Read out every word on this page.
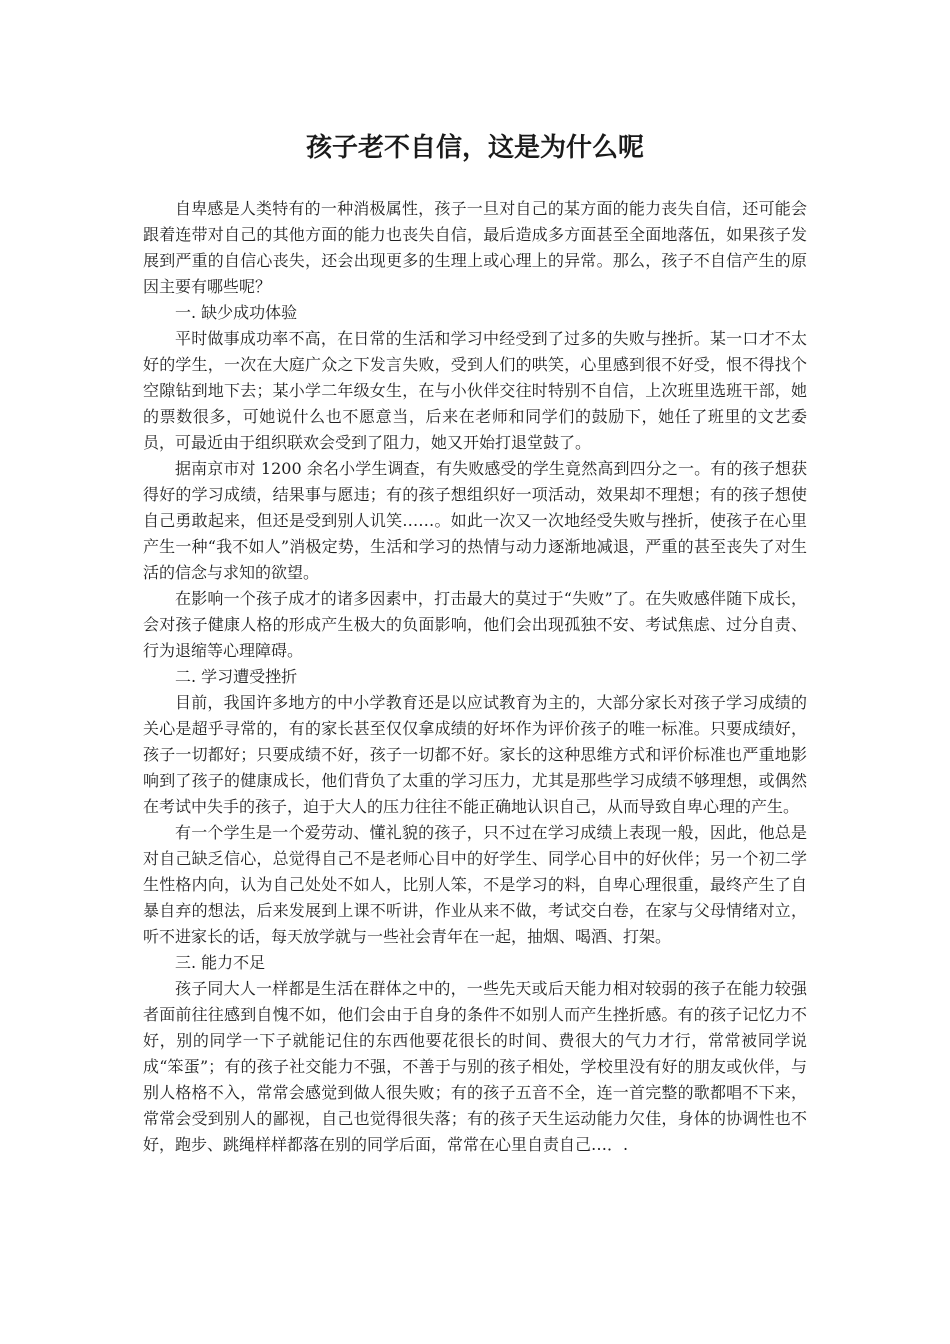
孩子老不自信，这是为什么呢

自卑感是人类特有的一种消极属性，孩子一旦对自己的某方面的能力丧失自信，还可能会跟着连带对自己的其他方面的能力也丧失自信，最后造成多方面甚至全面地落伍，如果孩子发展到严重的自信心丧失，还会出现更多的生理上或心理上的异常。那么，孩子不自信产生的原因主要有哪些呢？

一. 缺少成功体验

平时做事成功率不高，在日常的生活和学习中经受到了过多的失败与挫折。某一口才不太好的学生，一次在大庭广众之下发言失败，受到人们的哄笑，心里感到很不好受，恨不得找个空隙钻到地下去；某小学二年级女生，在与小伙伴交往时特别不自信，上次班里选班干部，她的票数很多，可她说什么也不愿意当，后来在老师和同学们的鼓励下，她任了班里的文艺委员，可最近由于组织联欢会受到了阻力，她又开始打退堂鼓了。

据南京市对 1200 余名小学生调查，有失败感受的学生竟然高到四分之一。有的孩子想获得好的学习成绩，结果事与愿违；有的孩子想组织好一项活动，效果却不理想；有的孩子想使自己勇敢起来，但还是受到别人讥笑……。如此一次又一次地经受失败与挫折，使孩子在心里产生一种“我不如人”消极定势，生活和学习的热情与动力逐渐地减退，严重的甚至丧失了对生活的信念与求知的欲望。

在影响一个孩子成才的诸多因素中，打击最大的莫过于“失败”了。在失败感伴随下成长，会对孩子健康人格的形成产生极大的负面影响，他们会出现孤独不安、考试焦虑、过分自责、行为退缩等心理障碍。

二. 学习遭受挫折

目前，我国许多地方的中小学教育还是以应试教育为主的，大部分家长对孩子学习成绩的关心是超乎寻常的，有的家长甚至仅仅拿成绩的好坏作为评价孩子的唯一标准。只要成绩好，孩子一切都好；只要成绩不好，孩子一切都不好。家长的这种思维方式和评价标准也严重地影响到了孩子的健康成长，他们背负了太重的学习压力，尤其是那些学习成绩不够理想，或偶然在考试中失手的孩子，迫于大人的压力往往不能正确地认识自己，从而导致自卑心理的产生。

有一个学生是一个爱劳动、懂礼貌的孩子，只不过在学习成绩上表现一般，因此，他总是对自己缺乏信心，总觉得自己不是老师心目中的好学生、同学心目中的好伙伴；另一个初二学生性格内向，认为自己处处不如人，比别人笨，不是学习的料，自卑心理很重，最终产生了自暴自弃的想法，后来发展到上课不听讲，作业从来不做，考试交白卷，在家与父母情绪对立，听不进家长的话，每天放学就与一些社会青年在一起，抽烟、喝酒、打架。

三. 能力不足

孩子同大人一样都是生活在群体之中的，一些先天或后天能力相对较弱的孩子在能力较强者面前往往感到自愧不如，他们会由于自身的条件不如别人而产生挫折感。有的孩子记忆力不好，别的同学一下子就能记住的东西他要花很长的时间、费很大的气力才行，常常被同学说成“笨蛋”；有的孩子社交能力不强，不善于与别的孩子相处，学校里没有好的朋友或伙伴，与别人格格不入，常常会感觉到做人很失败；有的孩子五音不全，连一首完整的歌都唱不下来，常常会受到别人的鄙视，自己也觉得很失落；有的孩子天生运动能力欠佳，身体的协调性也不好，跑步、跳绳样样都落在别的同学后面，常常在心里自责自己…．.
